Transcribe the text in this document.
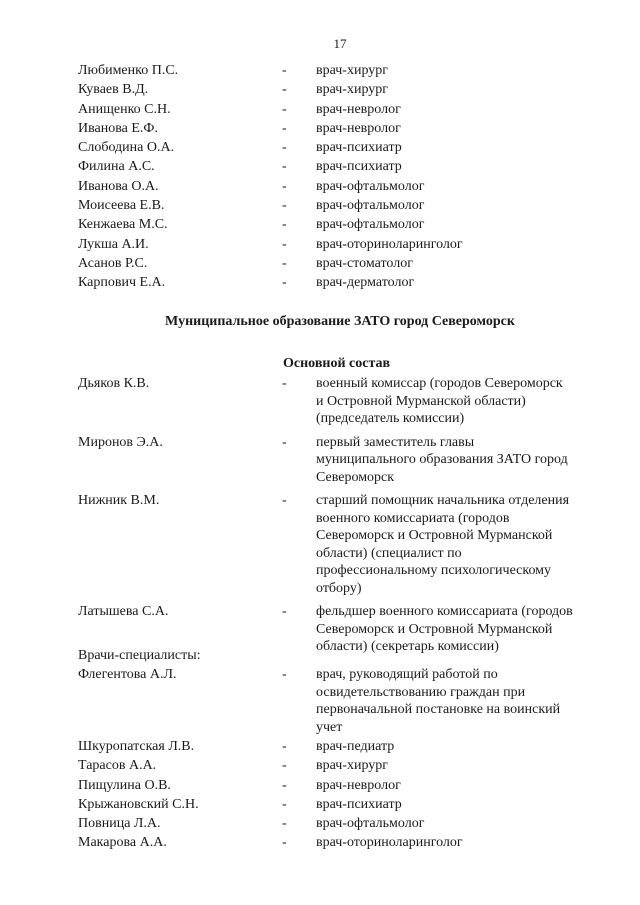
17
Любименко П.С.	-	врач-хирург
Куваев В.Д.	-	врач-хирург
Анищенко С.Н.	-	врач-невролог
Иванова Е.Ф.	-	врач-невролог
Слободина О.А.	-	врач-психиатр
Филина А.С.	-	врач-психиатр
Иванова О.А.	-	врач-офтальмолог
Моисеева Е.В.	-	врач-офтальмолог
Кенжаева М.С.	-	врач-офтальмолог
Лукша А.И.	-	врач-оториноларинголог
Асанов Р.С.	-	врач-стоматолог
Карпович Е.А.	-	врач-дерматолог
Муниципальное образование ЗАТО город Североморск
Основной состав
Дьяков К.В.	-	военный комиссар (городов Североморск
и Островной Мурманской области)
(председатель комиссии)
Миронов Э.А.	-	первый заместитель главы
муниципального образования ЗАТО город
Североморск
Нижник В.М.	-	старший помощник начальника отделения
военного комиссариата (городов
Североморск и Островной Мурманской
области) (специалист по
профессиональному психологическому
отбору)
Латышева С.А.	-	фельдшер военного комиссариата (городов
Североморск и Островной Мурманской
области) (секретарь комиссии)
Врачи-специалисты:
Флегентова А.Л.	-	врач, руководящий работой по
освидетельствованию граждан при
первоначальной постановке на воинский
учет
Шкуропатская Л.В.	-	врач-педиатр
Тарасов А.А.	-	врач-хирург
Пищулина О.В.	-	врач-невролог
Крыжановский С.Н.	-	врач-психиатр
Повница Л.А.	-	врач-офтальмолог
Макарова А.А.	-	врач-оториноларинголог
